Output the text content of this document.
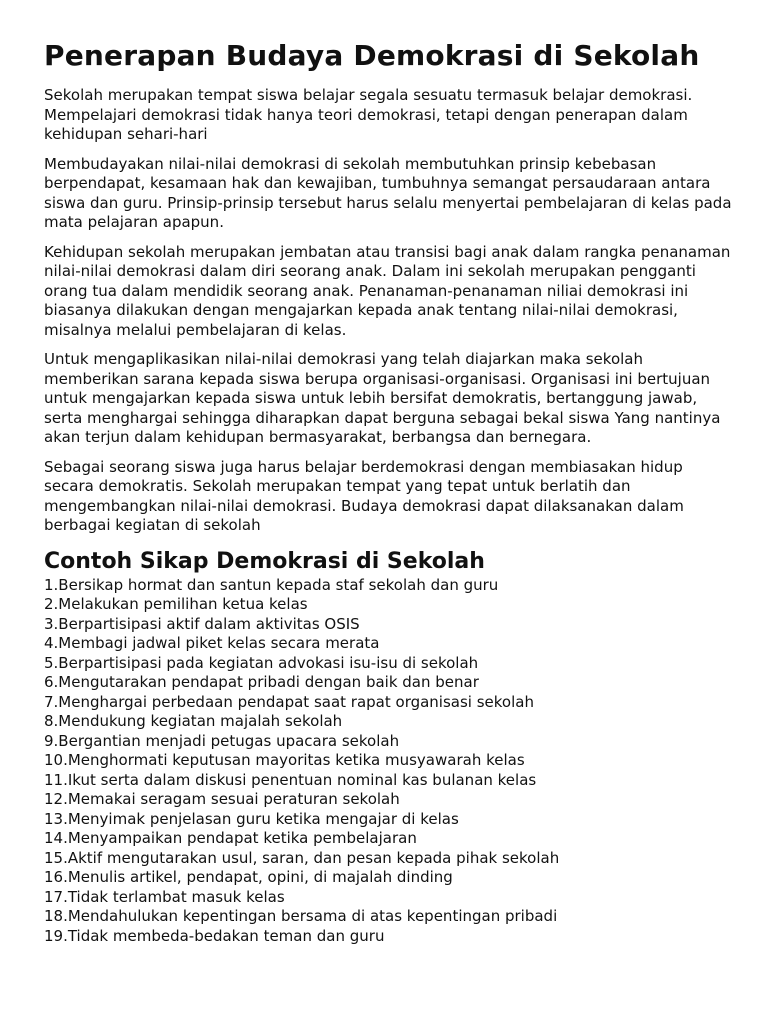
Penerapan Budaya Demokrasi di Sekolah

Sekolah merupakan tempat siswa belajar segala sesuatu termasuk belajar demokrasi. Mempelajari demokrasi tidak hanya teori demokrasi, tetapi dengan penerapan dalam kehidupan sehari-hari

Membudayakan nilai-nilai demokrasi di sekolah membutuhkan prinsip kebebasan berpendapat, kesamaan hak dan kewajiban, tumbuhnya semangat persaudaraan antara siswa dan guru. Prinsip-prinsip tersebut harus selalu menyertai pembelajaran di kelas pada mata pelajaran apapun.

Kehidupan sekolah merupakan jembatan atau transisi bagi anak dalam rangka penanaman nilai-nilai demokrasi dalam diri seorang anak. Dalam ini sekolah merupakan pengganti orang tua dalam mendidik seorang anak. Penanaman-penanaman niliai demokrasi ini biasanya dilakukan dengan mengajarkan kepada anak tentang nilai-nilai demokrasi, misalnya melalui pembelajaran di kelas.

Untuk mengaplikasikan nilai-nilai demokrasi yang telah diajarkan maka sekolah memberikan sarana kepada siswa berupa organisasi-organisasi. Organisasi ini bertujuan untuk mengajarkan kepada siswa untuk lebih bersifat demokratis, bertanggung jawab, serta menghargai sehingga diharapkan dapat berguna sebagai bekal siswa Yang nantinya akan terjun dalam kehidupan bermasyarakat, berbangsa dan bernegara.

Sebagai seorang siswa juga harus belajar berdemokrasi dengan membiasakan hidup secara demokratis. Sekolah merupakan tempat yang tepat untuk berlatih dan mengembangkan nilai-nilai demokrasi. Budaya demokrasi dapat dilaksanakan dalam berbagai kegiatan di sekolah

Contoh Sikap Demokrasi di Sekolah
1.Bersikap hormat dan santun kepada staf sekolah dan guru
2.Melakukan pemilihan ketua kelas
3.Berpartisipasi aktif dalam aktivitas OSIS
4.Membagi jadwal piket kelas secara merata
5.Berpartisipasi pada kegiatan advokasi isu-isu di sekolah
6.Mengutarakan pendapat pribadi dengan baik dan benar
7.Menghargai perbedaan pendapat saat rapat organisasi sekolah
8.Mendukung kegiatan majalah sekolah
9.Bergantian menjadi petugas upacara sekolah
10.Menghormati keputusan mayoritas ketika musyawarah kelas
11.Ikut serta dalam diskusi penentuan nominal kas bulanan kelas
12.Memakai seragam sesuai peraturan sekolah
13.Menyimak penjelasan guru ketika mengajar di kelas
14.Menyampaikan pendapat ketika pembelajaran
15.Aktif mengutarakan usul, saran, dan pesan kepada pihak sekolah
16.Menulis artikel, pendapat, opini, di majalah dinding
17.Tidak terlambat masuk kelas
18.Mendahulukan kepentingan bersama di atas kepentingan pribadi
19.Tidak membeda-bedakan teman dan guru
